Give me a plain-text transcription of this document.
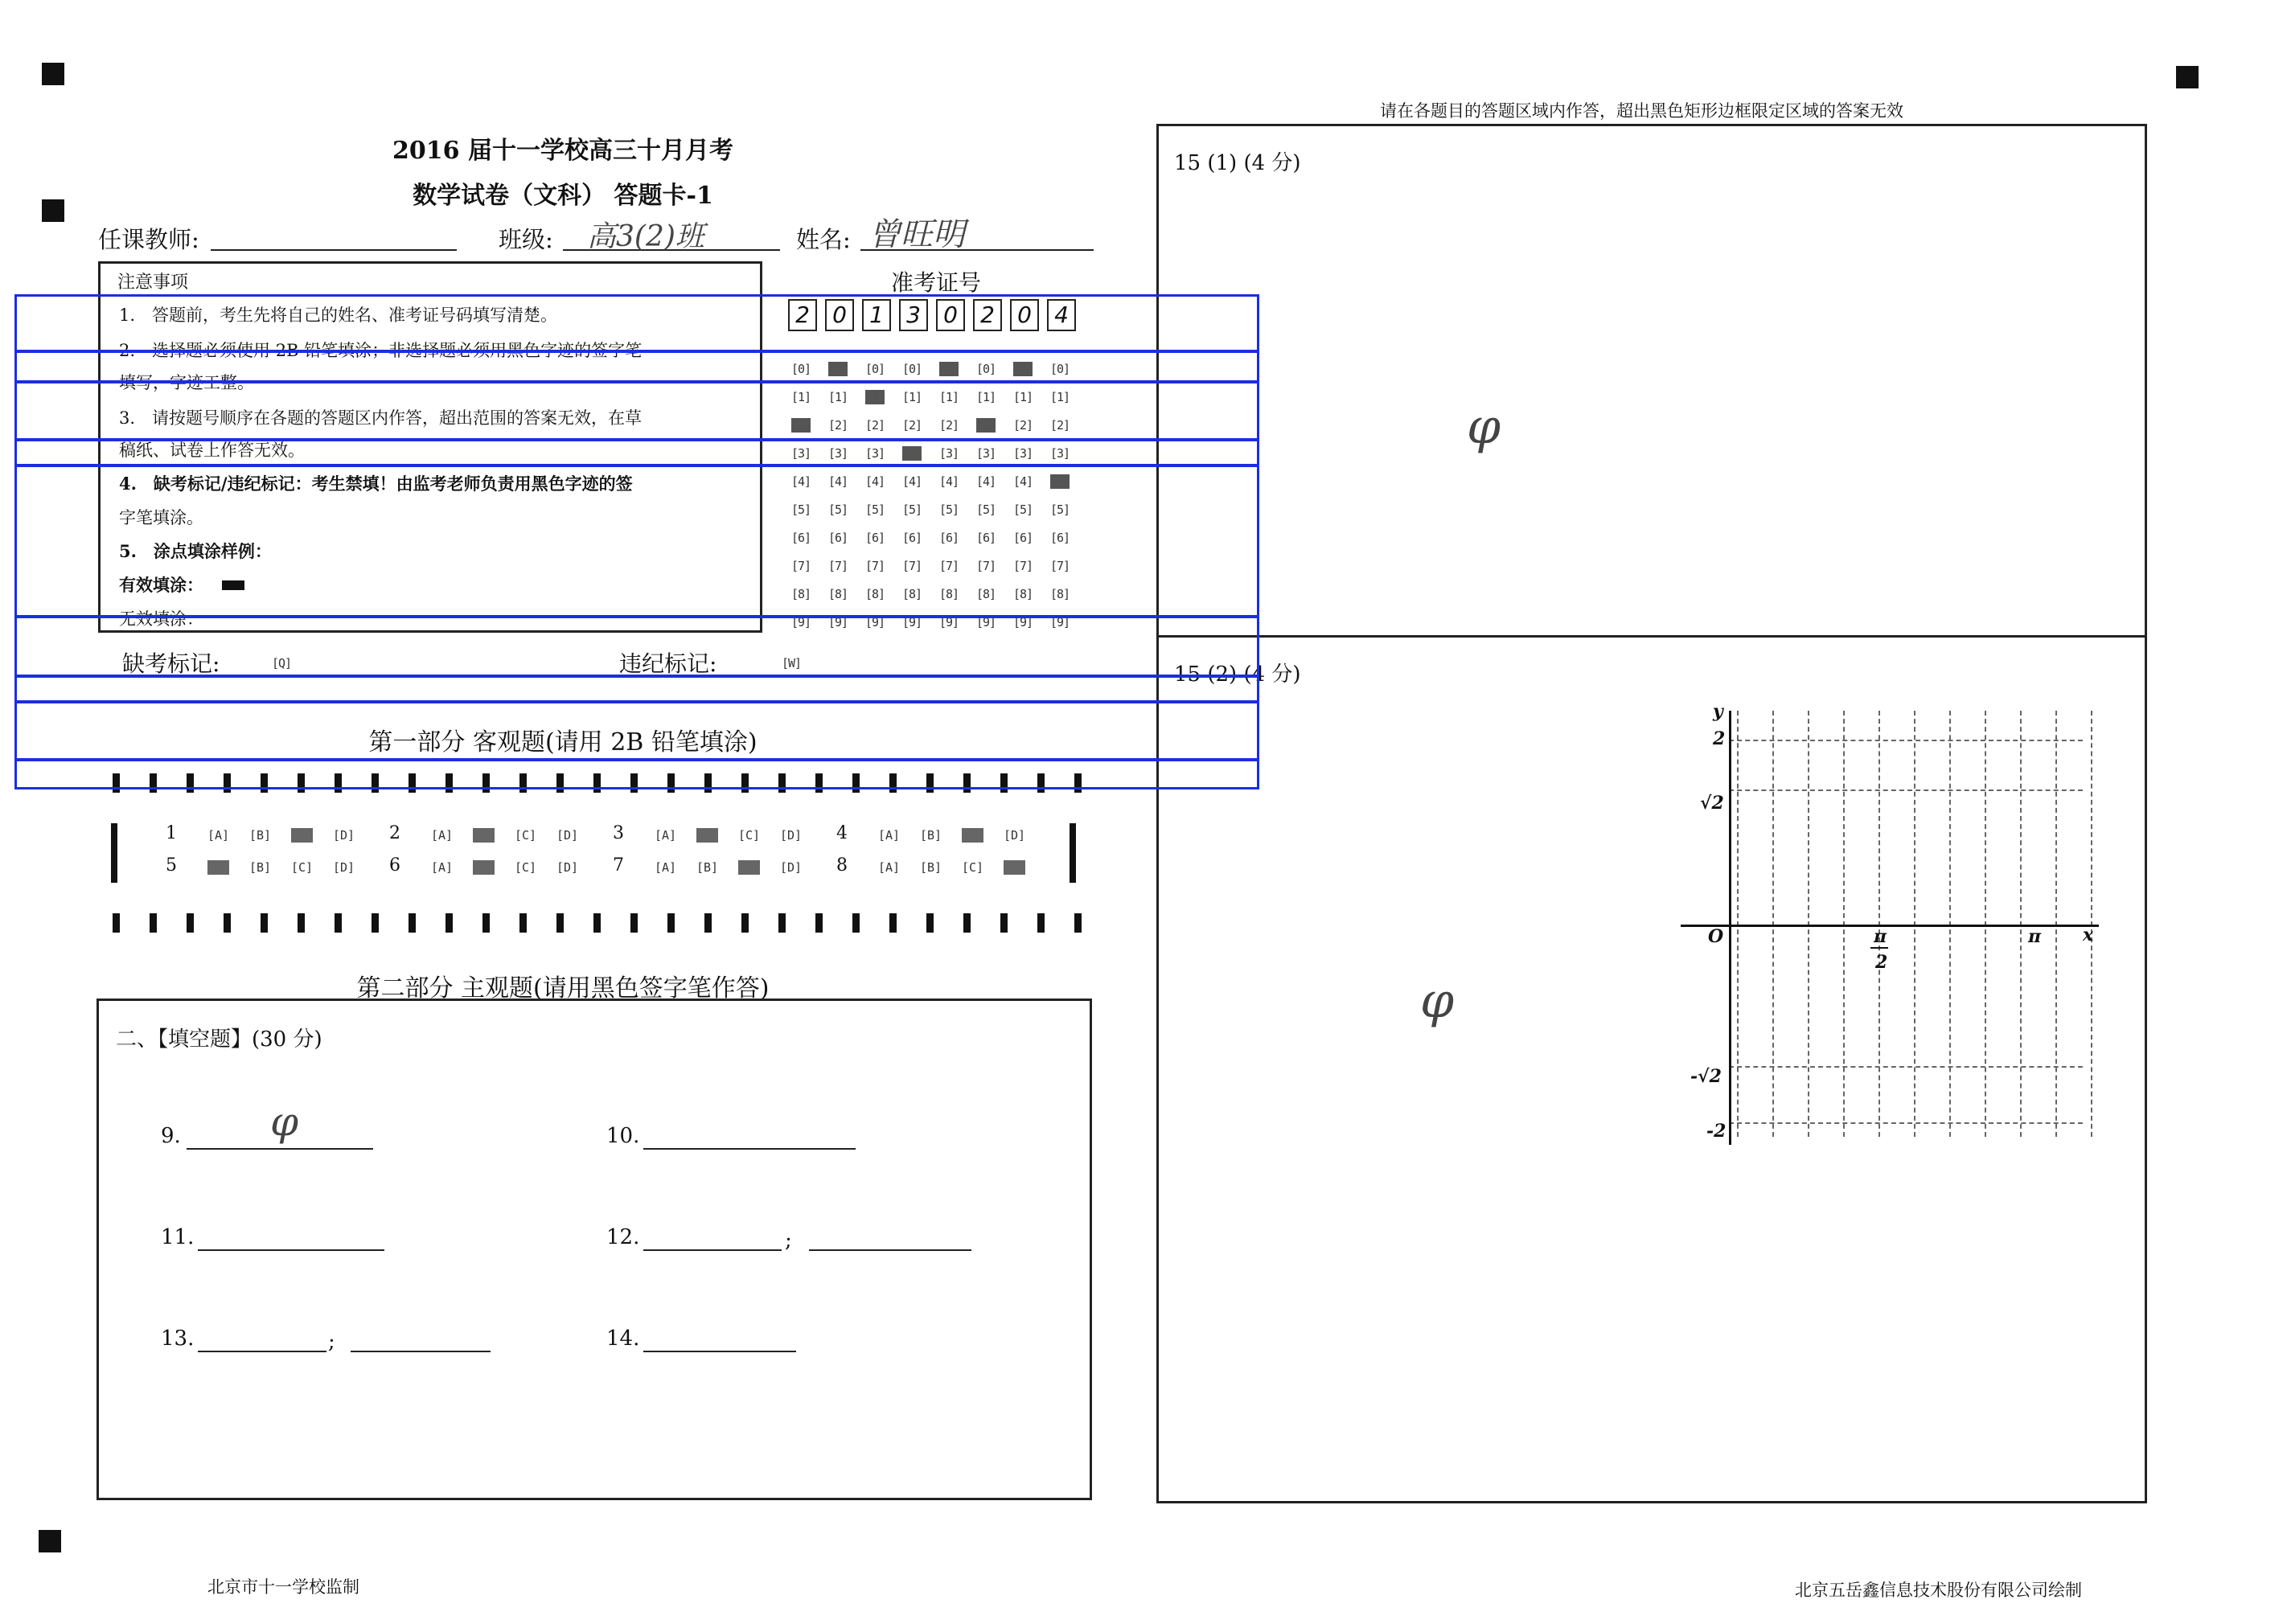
2016 届十一学校高三十月月考
数学试卷（文科） 答题卡-1
任课教师:	班级: 高3(2)班	姓名: 曾旺明
注意事项
1.　答题前，考生先将自己的姓名、准考证号码填写清楚。
2.　选择题必须使用 2B 铅笔填涂；非选择题必须用黑色字迹的签字笔
填写，字迹工整。
3.　请按题号顺序在各题的答题区内作答，超出范围的答案无效，在草
稿纸、试卷上作答无效。
4.　缺考标记/违纪标记：考生禁填！由监考老师负责用黑色字迹的签
字笔填涂。
5.　涂点填涂样例：
有效填涂：
无效填涂：
准考证号
2	0	1	3	0	2	0	4
[0] [0] [0] [0] [0] [0] [0] [0]
[1] [1] [1] [1] [1] [1] [1] [1]
[2] [2] [2] [2] [2] [2] [2] [2]
[3] [3] [3] [3] [3] [3] [3] [3]
[4] [4] [4] [4] [4] [4] [4] [4]
[5] [5] [5] [5] [5] [5] [5] [5]
[6] [6] [6] [6] [6] [6] [6] [6]
[7] [7] [7] [7] [7] [7] [7] [7]
[8] [8] [8] [8] [8] [8] [8] [8]
[9] [9] [9] [9] [9] [9] [9] [9]
缺考标记:	[Q]	违纪标记:	[W]
第一部分 客观题(请用 2B 铅笔填涂)
1	[A] [B] [C] [D] 2	[A] [B] [C] [D] 3	[A] [B] [C] [D] 4	[A] [B] [C] [D]
5	[A] [B] [C] [D] 6	[A] [B] [C] [D] 7	[A] [B] [C] [D] 8	[A] [B] [C] [D]
第二部分 主观题(请用黑色签字笔作答)
二、【填空题】(30 分)
9. φ	10.
11.	12.	;
13.	;	14.
请在各题目的答题区域内作答，超出黑色矩形边框限定区域的答案无效
15 (1) (4 分)
φ
15 (2) (4 分)
φ
y
x
O
2
√2
-√2
-2
π
2
π
北京市十一学校监制	北京五岳鑫信息技术股份有限公司绘制
